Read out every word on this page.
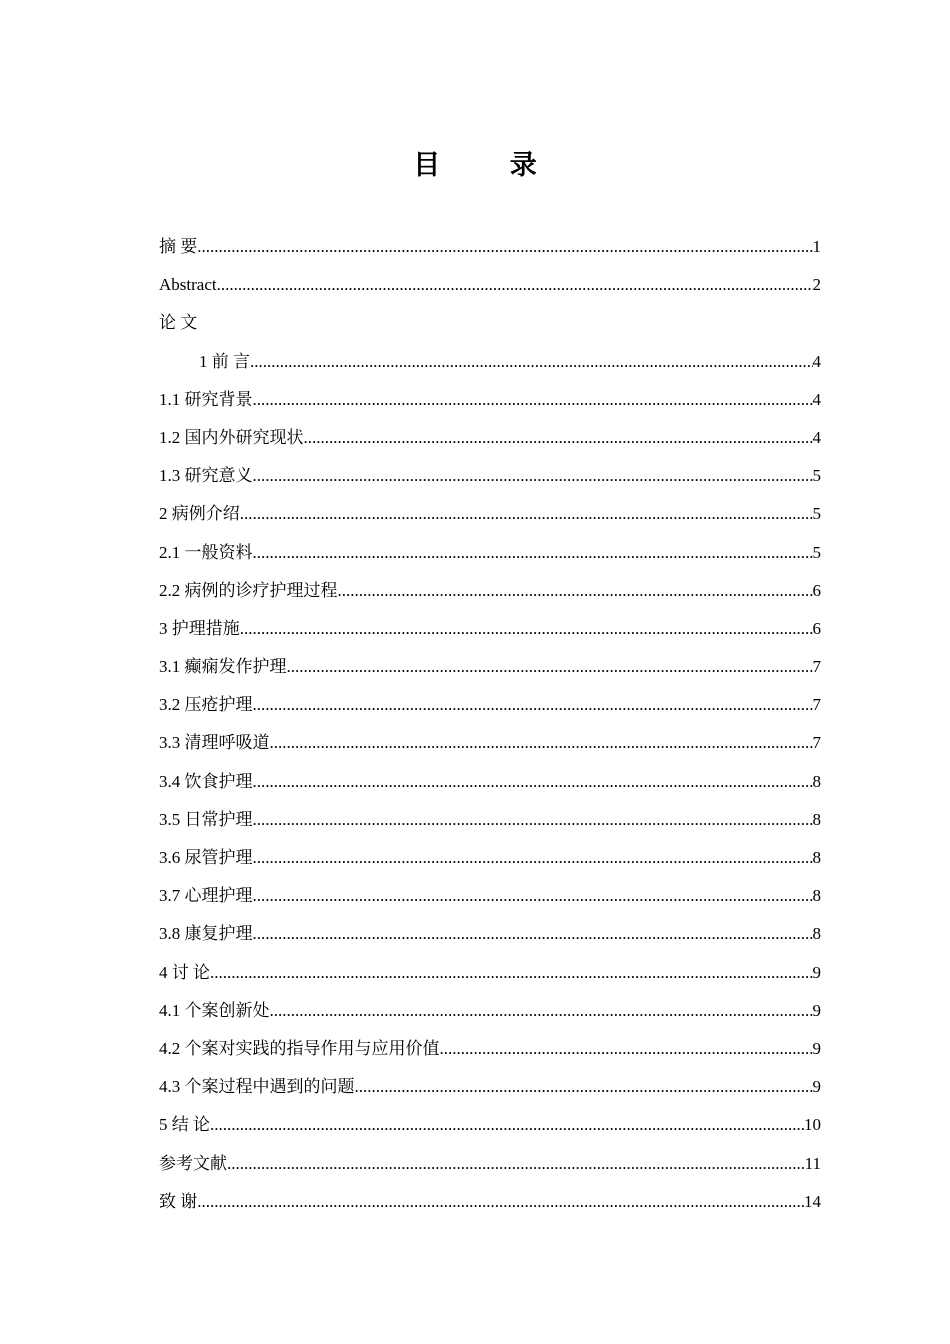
目 录
摘 要 .....	1
Abstract .....	2
论 文
1 前 言 .....	4
1.1 研究背景 .....	4
1.2 国内外研究现状 .....	4
1.3 研究意义 .....	5
2 病例介绍 .....	5
2.1 一般资料 .....	5
2.2 病例的诊疗护理过程 .....	6
3 护理措施 .....	6
3.1 癫痫发作护理 .....	7
3.2 压疮护理 .....	7
3.3 清理呼吸道 .....	7
3.4 饮食护理 .....	8
3.5 日常护理 .....	8
3.6 尿管护理 .....	8
3.7 心理护理 .....	8
3.8 康复护理 .....	8
4 讨 论 .....	9
4.1 个案创新处 .....	9
4.2 个案对实践的指导作用与应用价值 .....	9
4.3 个案过程中遇到的问题 .....	9
5 结 论 .....	10
参考文献 .....	11
致 谢 .....	14
